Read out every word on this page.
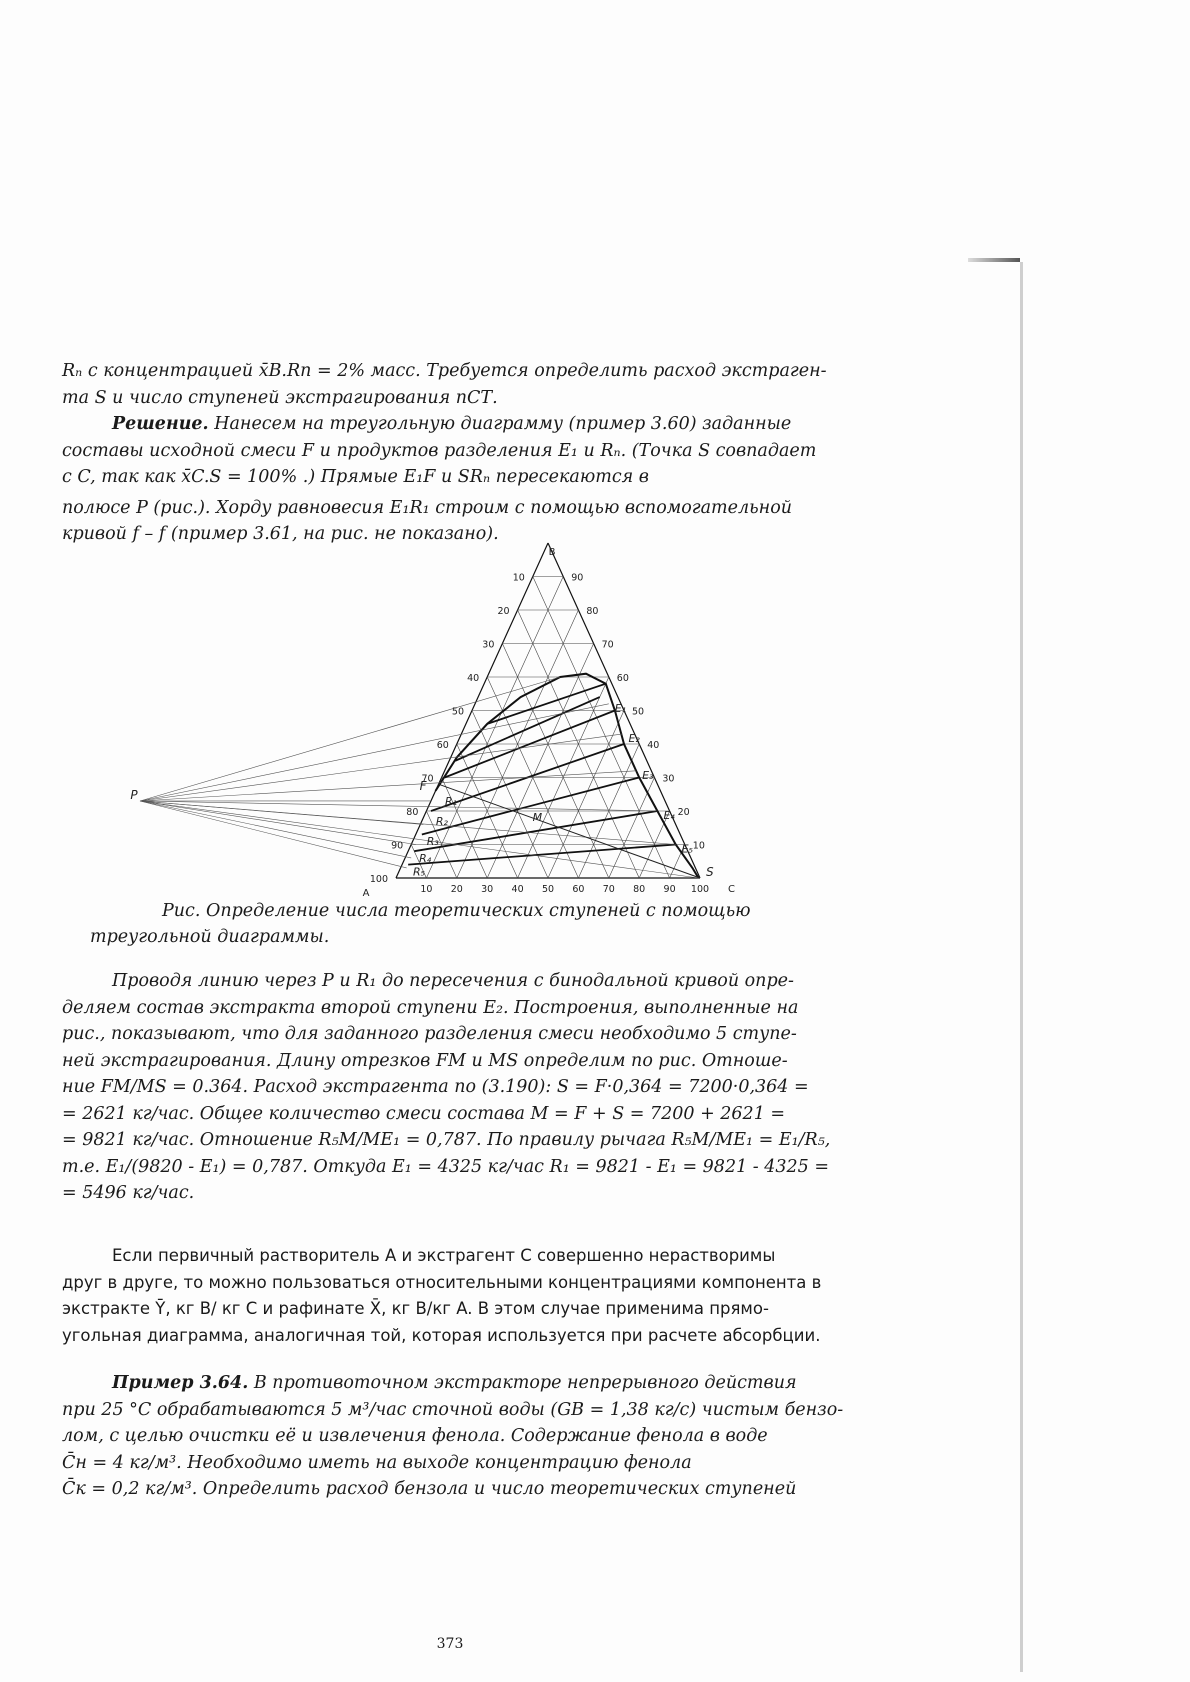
Rₙ с концентрацией x̄B.Rn = 2% масс. Требуется определить расход экстраген-
та S и число ступеней экстрагирования nСТ.
Решение. Нанесем на треугольную диаграмму (пример 3.60) заданные
составы исходной смеси F и продуктов разделения E₁ и Rₙ. (Точка S совпадает
с C, так как x̄C.S = 100% .) Прямые E₁F и SRₙ пересекаются в
полюсе P (рис.). Хорду равновесия E₁R₁ строим с помощью вспомогательной
кривой f – f (пример 3.61, на рис. не показано).
10
20
30
40
50
60
70
80
90
100
90
80
70
60
50
40
30
20
10
10 20 30 40 50 60 70 80 90 100
B
A	C
P
F
S
M
E₁
E₂
E₃
E₄
E₅
R₁
R₂
R₃
R₄
R₅
Рис. Определение числа теоретических ступеней с помощью
треугольной диаграммы.
Проводя линию через P и R₁ до пересечения с бинодальной кривой опре-
деляем состав экстракта второй ступени E₂. Построения, выполненные на
рис., показывают, что для заданного разделения смеси необходимо 5 ступе-
ней экстрагирования. Длину отрезков FM и MS определим по рис. Отноше-
ние FM/MS = 0.364. Расход экстрагента по (3.190): S = F·0,364 = 7200·0,364 =
= 2621 кг/час. Общее количество смеси состава M = F + S = 7200 + 2621 =
= 9821 кг/час. Отношение R₅M/ME₁ = 0,787. По правилу рычага R₅M/ME₁ = E₁/R₅,
т.е. E₁/(9820 - E₁) = 0,787. Откуда E₁ = 4325 кг/час R₁ = 9821 - E₁ = 9821 - 4325 =
= 5496 кг/час.
Если первичный растворитель A и экстрагент C совершенно нерастворимы
друг в друге, то можно пользоваться относительными концентрациями компонента в
экстракте Ȳ, кг B/ кг C и рафинате X̄, кг B/кг A. В этом случае применима прямо-
угольная диаграмма, аналогичная той, которая используется при расчете абсорбции.
Пример 3.64. В противоточном экстракторе непрерывного действия
при 25 °C обрабатываются 5 м³/час сточной воды (GB = 1,38 кг/с) чистым бензо-
лом, с целью очистки её и извлечения фенола. Содержание фенола в воде
C̄н = 4 кг/м³. Необходимо иметь на выходе концентрацию фенола
C̄к = 0,2 кг/м³. Определить расход бензола и число теоретических ступеней
373
